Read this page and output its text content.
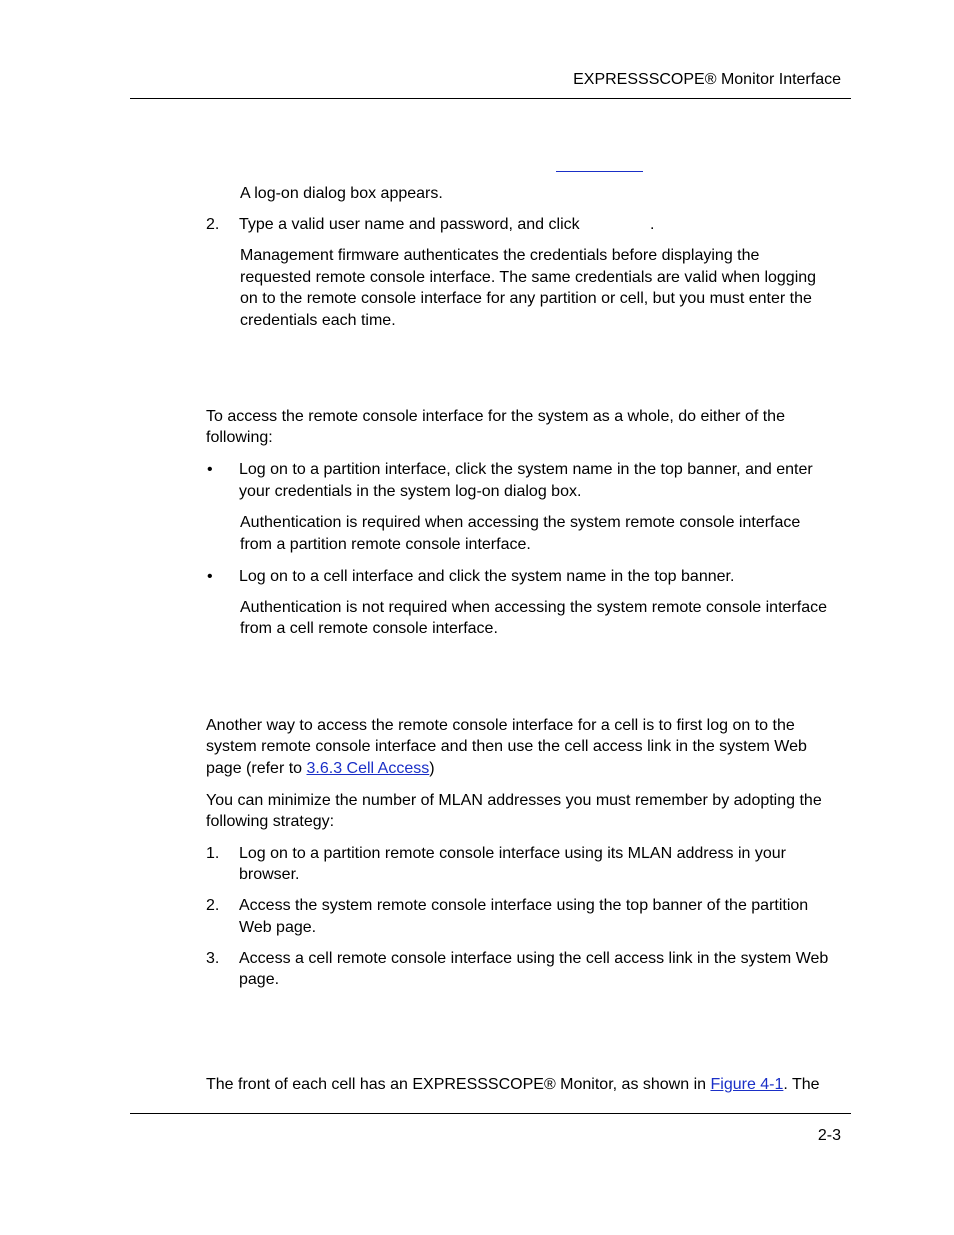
EXPRESSSCOPE® Monitor Interface
A log-on dialog box appears.
2. Type a valid user name and password, and click	.
Management firmware authenticates the credentials before displaying the
requested remote console interface. The same credentials are valid when logging
on to the remote console interface for any partition or cell, but you must enter the
credentials each time.
To access the remote console interface for the system as a whole, do either of the
following:
• Log on to a partition interface, click the system name in the top banner, and enter
your credentials in the system log-on dialog box.
Authentication is required when accessing the system remote console interface
from a partition remote console interface.
• Log on to a cell interface and click the system name in the top banner.
Authentication is not required when accessing the system remote console interface
from a cell remote console interface.
Another way to access the remote console interface for a cell is to first log on to the
system remote console interface and then use the cell access link in the system Web
page (refer to 3.6.3 Cell Access)
You can minimize the number of MLAN addresses you must remember by adopting the
following strategy:
1. Log on to a partition remote console interface using its MLAN address in your
browser.
2. Access the system remote console interface using the top banner of the partition
Web page.
3. Access a cell remote console interface using the cell access link in the system Web
page.
The front of each cell has an EXPRESSSCOPE® Monitor, as shown in Figure 4-1. The
2-3
